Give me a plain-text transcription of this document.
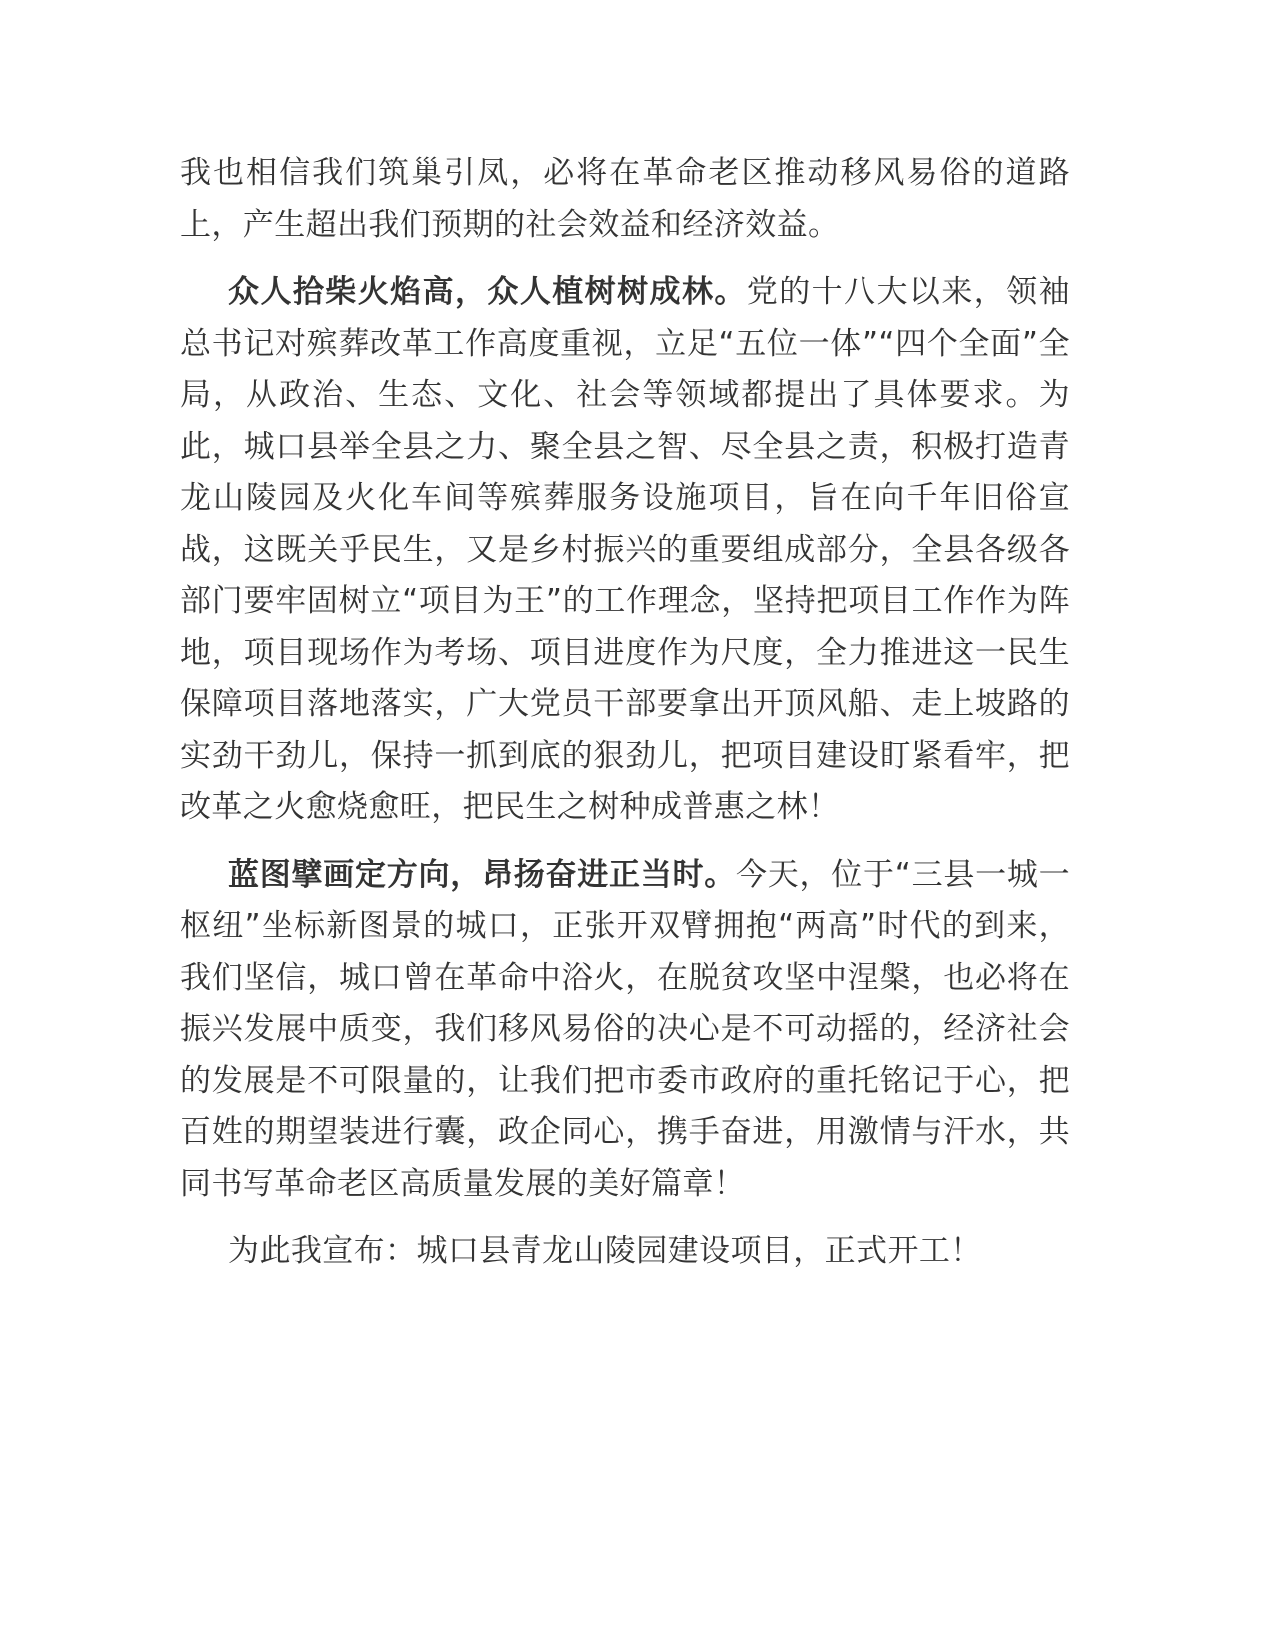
我也相信我们筑巢引凤，必将在革命老区推动移风易俗的道路上，产生超出我们预期的社会效益和经济效益。

众人拾柴火焰高，众人植树树成林。党的十八大以来，领袖总书记对殡葬改革工作高度重视，立足“五位一体”“四个全面”全局，从政治、生态、文化、社会等领域都提出了具体要求。为此，城口县举全县之力、聚全县之智、尽全县之责，积极打造青龙山陵园及火化车间等殡葬服务设施项目，旨在向千年旧俗宣战，这既关乎民生，又是乡村振兴的重要组成部分，全县各级各部门要牢固树立“项目为王”的工作理念，坚持把项目工作作为阵地，项目现场作为考场、项目进度作为尺度，全力推进这一民生保障项目落地落实，广大党员干部要拿出开顶风船、走上坡路的实劲干劲儿，保持一抓到底的狠劲儿，把项目建设盯紧看牢，把改革之火愈烧愈旺，把民生之树种成普惠之林！

蓝图擘画定方向，昂扬奋进正当时。今天，位于“三县一城一枢纽”坐标新图景的城口，正张开双臂拥抱“两高”时代的到来，我们坚信，城口曾在革命中浴火，在脱贫攻坚中涅槃，也必将在振兴发展中质变，我们移风易俗的决心是不可动摇的，经济社会的发展是不可限量的，让我们把市委市政府的重托铭记于心，把百姓的期望装进行囊，政企同心，携手奋进，用激情与汗水，共同书写革命老区高质量发展的美好篇章！

为此我宣布：城口县青龙山陵园建设项目，正式开工！
